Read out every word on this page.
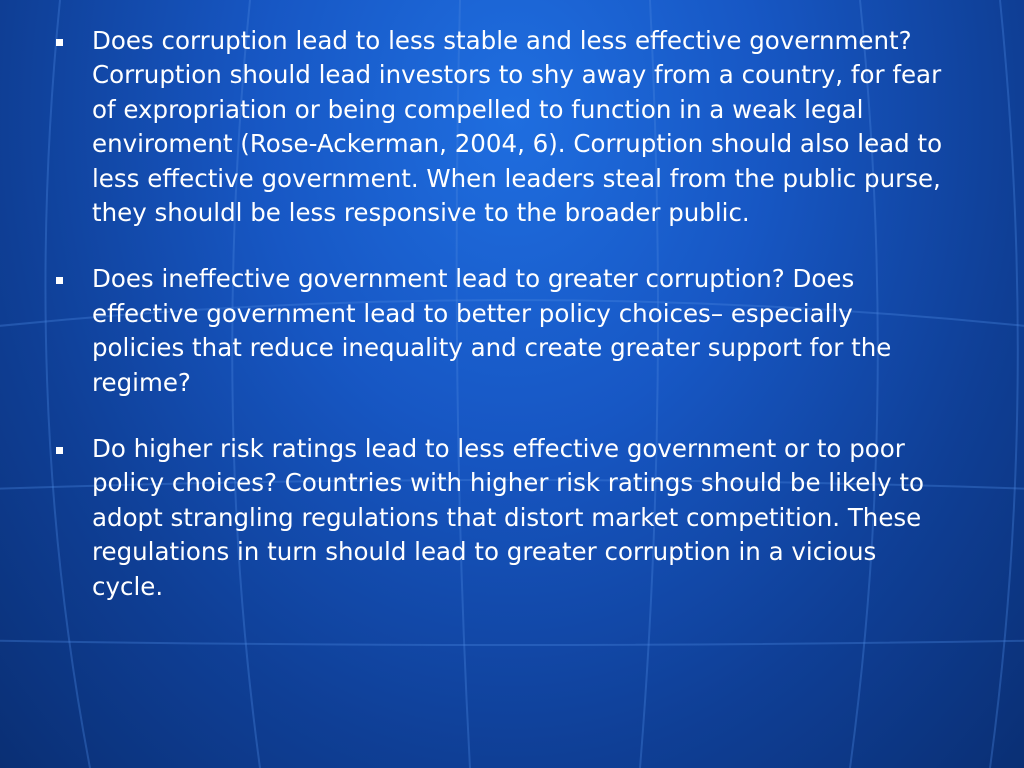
Does corruption lead to less stable and less effective government? Corruption should lead investors to shy away from a country, for fear of expropriation or being compelled to function in a weak legal enviroment (Rose-Ackerman, 2004, 6). Corruption should also lead to less effective government. When leaders steal from the public purse, they shouldl be less responsive to the broader public.
Does ineffective government lead to greater corruption? Does effective government lead to better policy choices– especially policies that reduce inequality and create greater support for the regime?
Do higher risk ratings lead to less effective government or to poor policy choices? Countries with higher risk ratings should be likely to adopt strangling regulations that distort market competition. These regulations in turn should lead to greater corruption in a vicious cycle.
